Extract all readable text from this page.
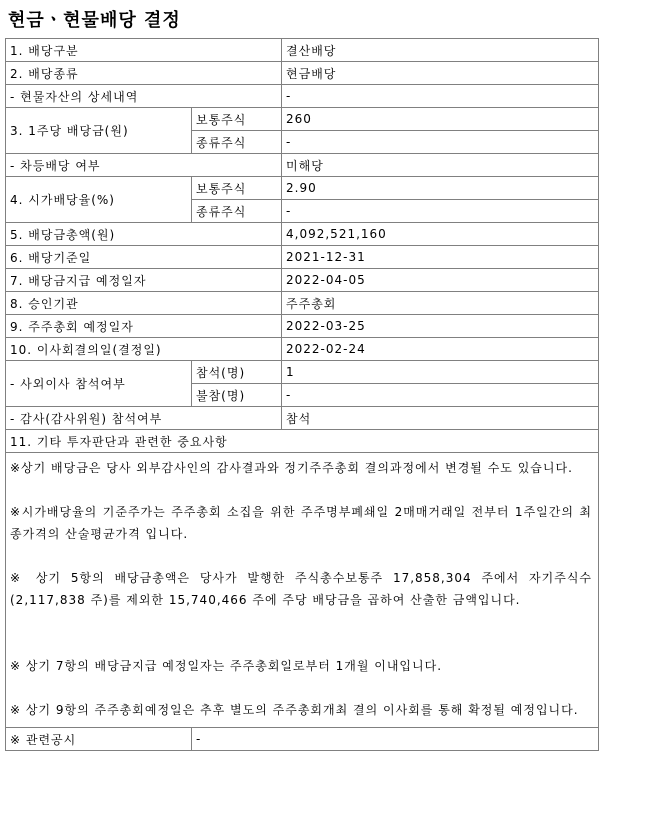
현금ㆍ현물배당 결정
1. 배당구분		결산배당
2. 배당종류		현금배당
- 현물자산의 상세내역		-
3. 1주당 배당금(원)	보통주식	260
	종류주식	-
- 차등배당 여부		미해당
4. 시가배당율(%)	보통주식	2.90
	종류주식	-
5. 배당금총액(원)		4,092,521,160
6. 배당기준일		2021-12-31
7. 배당금지급 예정일자		2022-04-05
8. 승인기관		주주총회
9. 주주총회 예정일자		2022-03-25
10. 이사회결의일(결정일)		2022-02-24
- 사외이사 참석여부	참석(명)	1
	불참(명)	-
- 감사(감사위원) 참석여부		참석
11. 기타 투자판단과 관련한 중요사항		

※상기 배당금은 당사 외부감사인의 감사결과와 정기주주총회 결의과정에서 변경될 수도 있습니다.

※시가배당율의 기준주가는 주주총회 소집을 위한 주주명부폐쇄일 2매매거래일 전부터 1주일간의 최종가격의 산술평균가격 입니다.

※ 상기 5항의 배당금총액은 당사가 발행한 주식총수보통주 17,858,304 주에서 자기주식수(2,117,838 주)를 제외한 15,740,466 주에 주당 배당금을 곱하여 산출한 금액입니다.

※ 상기 7항의 배당금지급 예정일자는 주주총회일로부터 1개월 이내입니다.

※ 상기 9항의 주주총회예정일은 추후 별도의 주주총회개최 결의 이사회를 통해 확정될 예정입니다.		

※ 관련공시	-	
